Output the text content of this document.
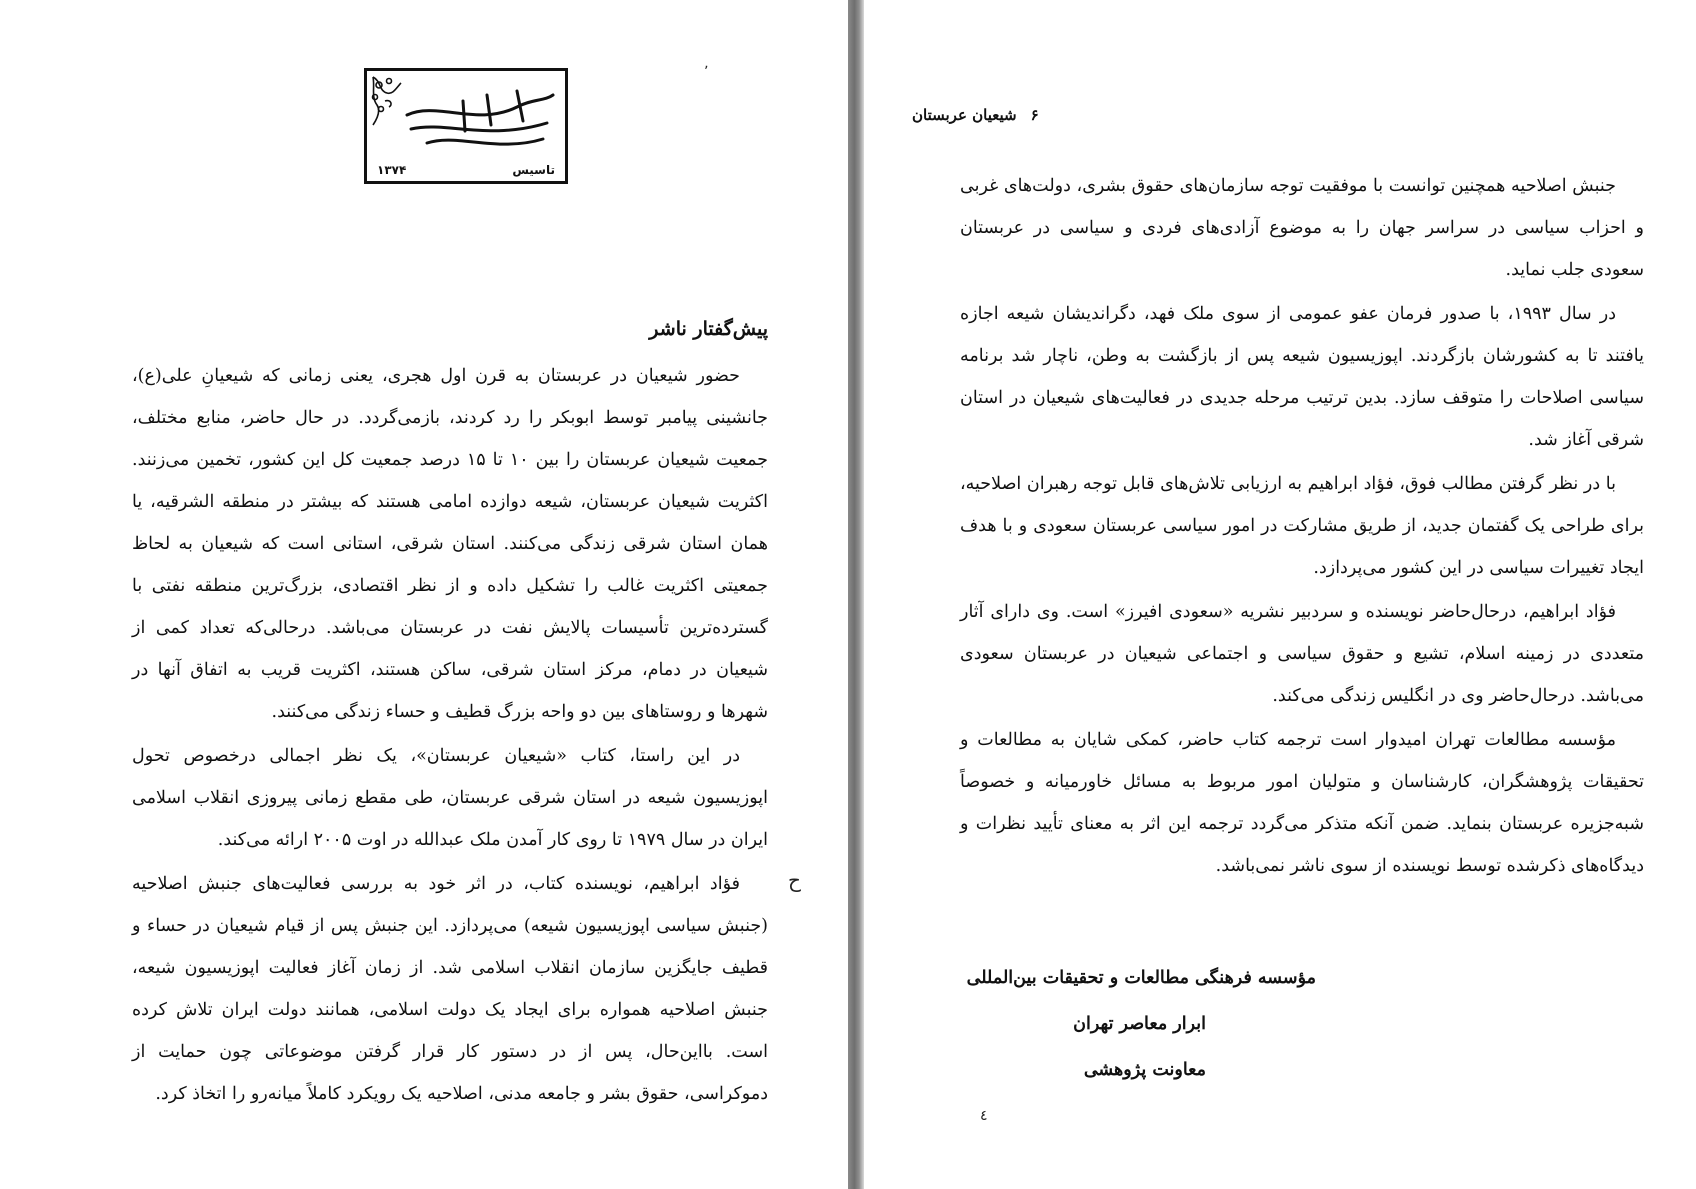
۱۳۷۴	تاسیس
٬
پیش‌گفتار ناشر

حضور شیعیان در عربستان به قرن اول هجری، یعنی زمانی که شیعیانِ علی(ع)، جانشینی پیامبر توسط ابوبکر را رد کردند، بازمی‌گردد. در حال حاضر، منابع مختلف، جمعیت شیعیان عربستان را بین ۱۰ تا ۱۵ درصد جمعیت کل این کشور، تخمین می‌زنند. اکثریت شیعیان عربستان، شیعه دوازده امامی هستند که بیشتر در منطقه الشرقیه، یا همان استان شرقی زندگی می‌کنند. استان شرقی، استانی است که شیعیان به لحاظ جمعیتی اکثریت غالب را تشکیل داده و از نظر اقتصادی، بزرگ‌ترین منطقه نفتی با گسترده‌ترین تأسیسات پالایش نفت در عربستان می‌باشد. درحالی‌که تعداد کمی از شیعیان در دمام، مرکز استان شرقی، ساکن هستند، اکثریت قریب به اتفاق آنها در شهرها و روستاهای بین دو واحه بزرگ قطیف و حساء زندگی می‌کنند.

در این راستا، کتاب «شیعیان عربستان»، یک نظر اجمالی درخصوص تحول اپوزیسیون شیعه در استان شرقی عربستان، طی مقطع زمانی پیروزی انقلاب اسلامی ایران در سال ۱۹۷۹ تا روی کار آمدن ملک عبدالله در اوت ۲۰۰۵ ارائه می‌کند.

فؤاد ابراهیم، نویسنده کتاب، در اثر خود به بررسی فعالیت‌های جنبش اصلاحیه (جنبش سیاسی اپوزیسیون شیعه) می‌پردازد. این جنبش پس از قیام شیعیان در حساء و قطیف جایگزین سازمان انقلاب اسلامی شد. از زمان آغاز فعالیت اپوزیسیون شیعه، جنبش اصلاحیه همواره برای ایجاد یک دولت اسلامی، همانند دولت ایران تلاش کرده است. بااین‌حال، پس از در دستور کار قرار گرفتن موضوعاتی چون حمایت از دموکراسی، حقوق بشر و جامعه مدنی، اصلاحیه یک رویکرد کاملاً میانه‌رو را اتخاذ کرد.

ح
۶
شیعیان عربستان

جنبش اصلاحیه همچنین توانست با موفقیت توجه سازمان‌های حقوق بشری، دولت‌های غربی و احزاب سیاسی در سراسر جهان را به موضوع آزادی‌های فردی و سیاسی در عربستان سعودی جلب نماید.

در سال ۱۹۹۳، با صدور فرمان عفو عمومی از سوی ملک فهد، دگراندیشان شیعه اجازه یافتند تا به کشورشان بازگردند. اپوزیسیون شیعه پس از بازگشت به وطن، ناچار شد برنامه سیاسی اصلاحات را متوقف سازد. بدین ترتیب مرحله جدیدی در فعالیت‌های شیعیان در استان شرقی آغاز شد.

با در نظر گرفتن مطالب فوق، فؤاد ابراهیم به ارزیابی تلاش‌های قابل توجه رهبران اصلاحیه، برای طراحی یک گفتمان جدید، از طریق مشارکت در امور سیاسی عربستان سعودی و با هدف ایجاد تغییرات سیاسی در این کشور می‌پردازد.

فؤاد ابراهیم، درحال‌حاضر نویسنده و سردبیر نشریه «سعودی افیرز» است. وی دارای آثار متعددی در زمینه اسلام، تشیع و حقوق سیاسی و اجتماعی شیعیان در عربستان سعودی می‌باشد. درحال‌حاضر وی در انگلیس زندگی می‌کند.

مؤسسه مطالعات تهران امیدوار است ترجمه کتاب حاضر، کمکی شایان به مطالعات و تحقیقات پژوهشگران، کارشناسان و متولیان امور مربوط به مسائل خاورمیانه و خصوصاً شبه‌جزیره عربستان بنماید. ضمن آنکه متذکر می‌گردد ترجمه این اثر به معنای تأیید نظرات و دیدگاه‌های ذکرشده توسط نویسنده از سوی ناشر نمی‌باشد.

مؤسسه فرهنگی مطالعات و تحقیقات بین‌المللی
ابرار معاصر تهران
معاونت پژوهشی
٤
